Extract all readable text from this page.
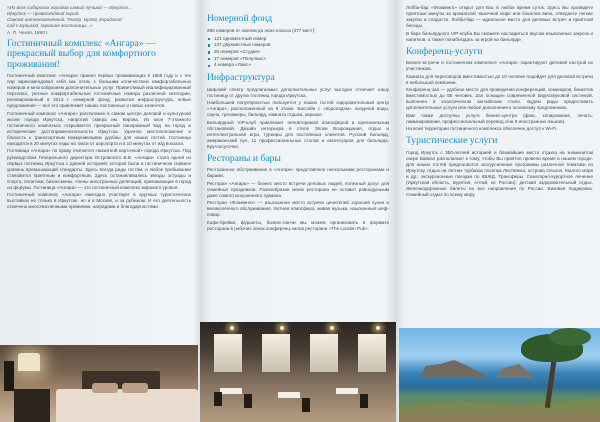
«Из всех сибирских городов самый лучший — Иркутск...
Иркутск — превосходный город.
Совсем интеллигентный. Театр, музей, городской
сад с музыкой, хорошие гостиницы...»
А. П. Чехов, 1890 г.
Гостиничный комплекс «Ангара» — прекрасный выбор для комфортного проживания!

Гостиничный комплекс «Ангара» принял первых проживающих в 1969 году и с тех пор зарекомендовал себя как отель с большим количеством комфортабельных номеров и многообразием дополнительных услуг. Приветливый квалифицированный персонал, уютные комфортабельные гостиничные номера различной категории, реновированный в 2013 г. номерной фонд, развитая инфраструктура, новые предложения — все это привлекает наших постоянных и новых клиентов.

Гостиничный комплекс «Ангара» расположен в самом центре деловой и культурной жизни города Иркутска, напротив сквера им. Кирова. Из окон 7-этажного гостиничного комплекса открывается прекрасный панорамный вид на город и исторические достопримечательности Иркутска. Удачное местоположение и близость к транспортным коммуникациям удобны для наших гостей. Гостиница находится в 20 минутах езды на такси от аэропорта и в 10 минутах от ж/д вокзала.

Гостиница «Ангара» по праву считается «визитной карточкой» города Иркутска. Под руководством Генерального директора Островского В.В. «Ангара» стала одной из первых гостиниц Иркутска с давней историей, которая была в гостиничном сервисе уровень превышающий стандарты. Здесь всегда рады гостям, и любое пребывание становится приятным и комфортным. Здесь останавливались звезды эстрады и спорта, политики, бизнесмены, члены иностранных делегаций, приезжающие в город на форумы. Гостиница «Ангара» — это гостиничный комплекс мирового уровня.

Гостиничный комплекс «Ангара» ежегодно участвует в крупных туристических выставках не только в Иркутске, но и в Москве, и за рубежом. И его деятельность отмечена многочисленными премиями, наградами и благодарностями.

Номерной фонд
296 номеров от эконом до люкс-класса (477 мест):
121 одноместный номер
137 двухместных номеров
20 номеров «Студия»
17 номеров «Полулюкс»
4 номера «Люкс»
Инфраструктура

Широкий спектр предлагаемых дополнительных услуг выгодно отличает нашу гостиницу от других гостиниц города Иркутска.

Наибольшей популярностью пользуется у наших гостей оздоровительный центр «Ангара», расположенный на 8 этаже. Бассейн с «водопадом» лазурной воды, сауна, тренажеры, бильярд, комната отдыха, караоке.

Бильярдный VIP-клуб привлекает неповторимой атмосферой и оригинальным обстановкой. Дизайн интерьера в стиле Эпохи Возрождения, отдых и интеллектуальная игра, турниры для постоянных клиентов. Русский бильярд, американский пул, 11 профессиональных столов и аксессуаров для бильярда. Круглосуточно.

Рестораны и бары

Ресторанное обслуживание в «Ангаре» представлено несколькими ресторанами и барами.

Ресторан «Ангара» — бизнес место встречи деловых людей, полезный досуг для семейных праздников. Разнообразие меню ресторана не оставит равнодушным даже самого искушенного гурмана.

Ресторан «Фламинго» — изысканное место встречи ценителей хорошей кухни и великолепного обслуживания. Уютная атмосфера, живая музыка, изысканный шеф-повар.

Кофе-брейки, фуршеты, бизнес-ланчи мы можем организовать в формате ресторана в рабочих зонах конференц-залов ресторане «The London Pub».

Лобби-бар «Фламинго» открыт для Вас в любое время суток. Здесь Вы проведете приятные минуты за ароматной чашечкой кофе или бокалом вина, отведаете легкие закуски и сладости. Лобби-бар — идеальное место для деловых встреч и приятной беседы.

В баре бильярдного VIP-клуба Вы сможете насладиться вкусом изысканных закусок и напитков, а также понаблюдать за игрой на бильярде.

Конференц-услуги

Бизнес-встречи в гостиничном комплексе «Ангара» гарантируют деловой настрой их участникам.

Комната для переговоров вместимостью до 10 человек подойдет для деловой встречи в небольшой компании.

Конференц-зал — удобное место для проведения конференций, семинаров, банкетов вместимостью до 55 человек. Зал оснащен современной видеозвуковой системой, выполнен в классическом английском стиле. Будем рады предоставить дополнительные услуги или любое дополнение к основному предложению.

Вам также доступны услуги бизнес-центра (факс, копирование, печать, ламинирование, профессиональный перевод с/на 9 иностранных языков).

На всей территории гостиничного комплекса обеспечен доступ к Wi-Fi.

Туристические услуги

Город Иркутск с 350-летней историей и ближайшие место отдыха на знаменитом озере Байкал располагают к тому, чтобы Вы приятно провели время в нашем городе. Для наших гостей предлагаются экскурсионные программы различной тематики по Иркутску, отдых на летних турбазах поселка Листвянка, острова Ольхон, Малого моря и др.; экскурсионные поездки по КБЖД. Трансферы. Санаторно-курортное лечение (Иркутская область, Бурятия, Алтай, юг России); детский оздоровительный отдых. Железнодорожные билеты на все направления по России. Визовая поддержка. Семейный отдых по всему миру.
